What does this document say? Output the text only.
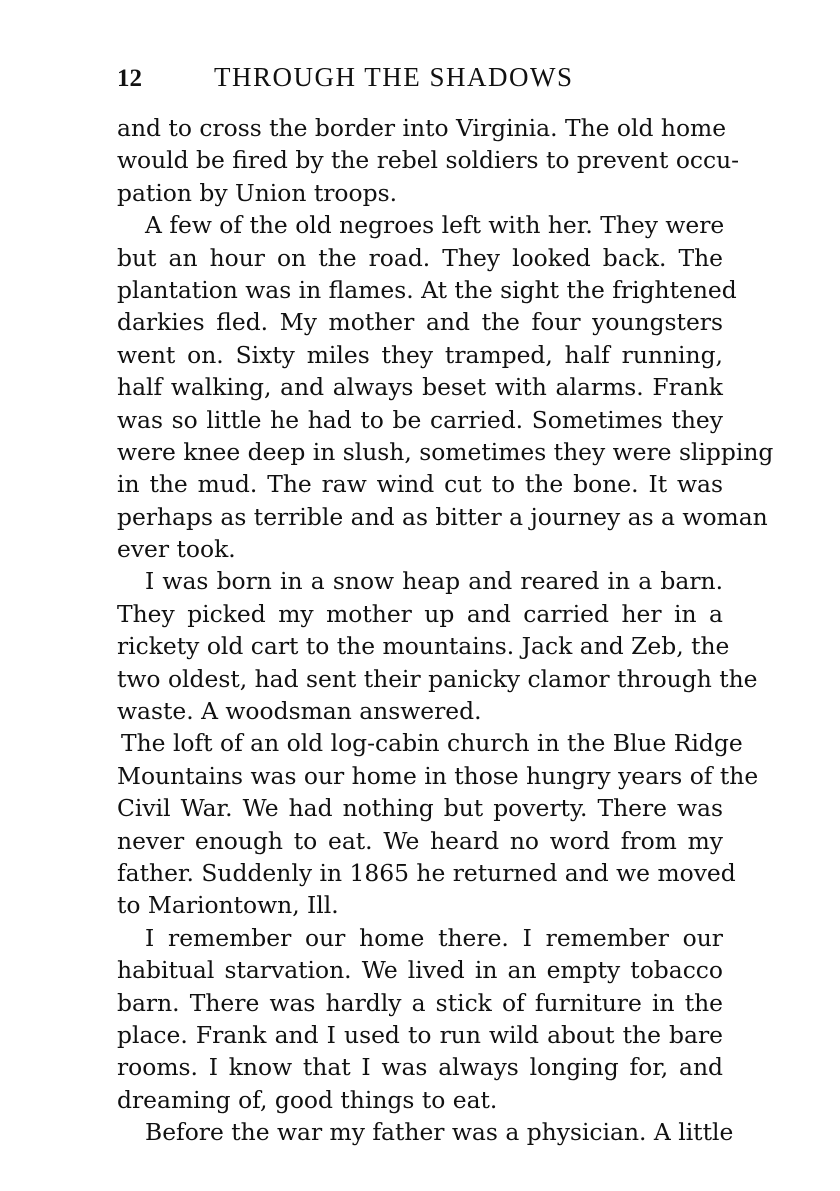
12	THROUGH THE SHADOWS
and to cross the border into Virginia. The old home
would be fired by the rebel soldiers to prevent occu-
pation by Union troops.
A few of the old negroes left with her. They were
but an hour on the road. They looked back. The
plantation was in flames. At the sight the frightened
darkies fled. My mother and the four youngsters
went on. Sixty miles they tramped, half running,
half walking, and always beset with alarms. Frank
was so little he had to be carried. Sometimes they
were knee deep in slush, sometimes they were slipping
in the mud. The raw wind cut to the bone. It was
perhaps as terrible and as bitter a journey as a woman
ever took.
I was born in a snow heap and reared in a barn.
They picked my mother up and carried her in a
rickety old cart to the mountains. Jack and Zeb, the
two oldest, had sent their panicky clamor through the
waste. A woodsman answered.
The loft of an old log-cabin church in the Blue Ridge
Mountains was our home in those hungry years of the
Civil War. We had nothing but poverty. There was
never enough to eat. We heard no word from my
father. Suddenly in 1865 he returned and we moved
to Mariontown, Ill.
I remember our home there. I remember our
habitual starvation. We lived in an empty tobacco
barn. There was hardly a stick of furniture in the
place. Frank and I used to run wild about the bare
rooms. I know that I was always longing for, and
dreaming of, good things to eat.
Before the war my father was a physician. A little
